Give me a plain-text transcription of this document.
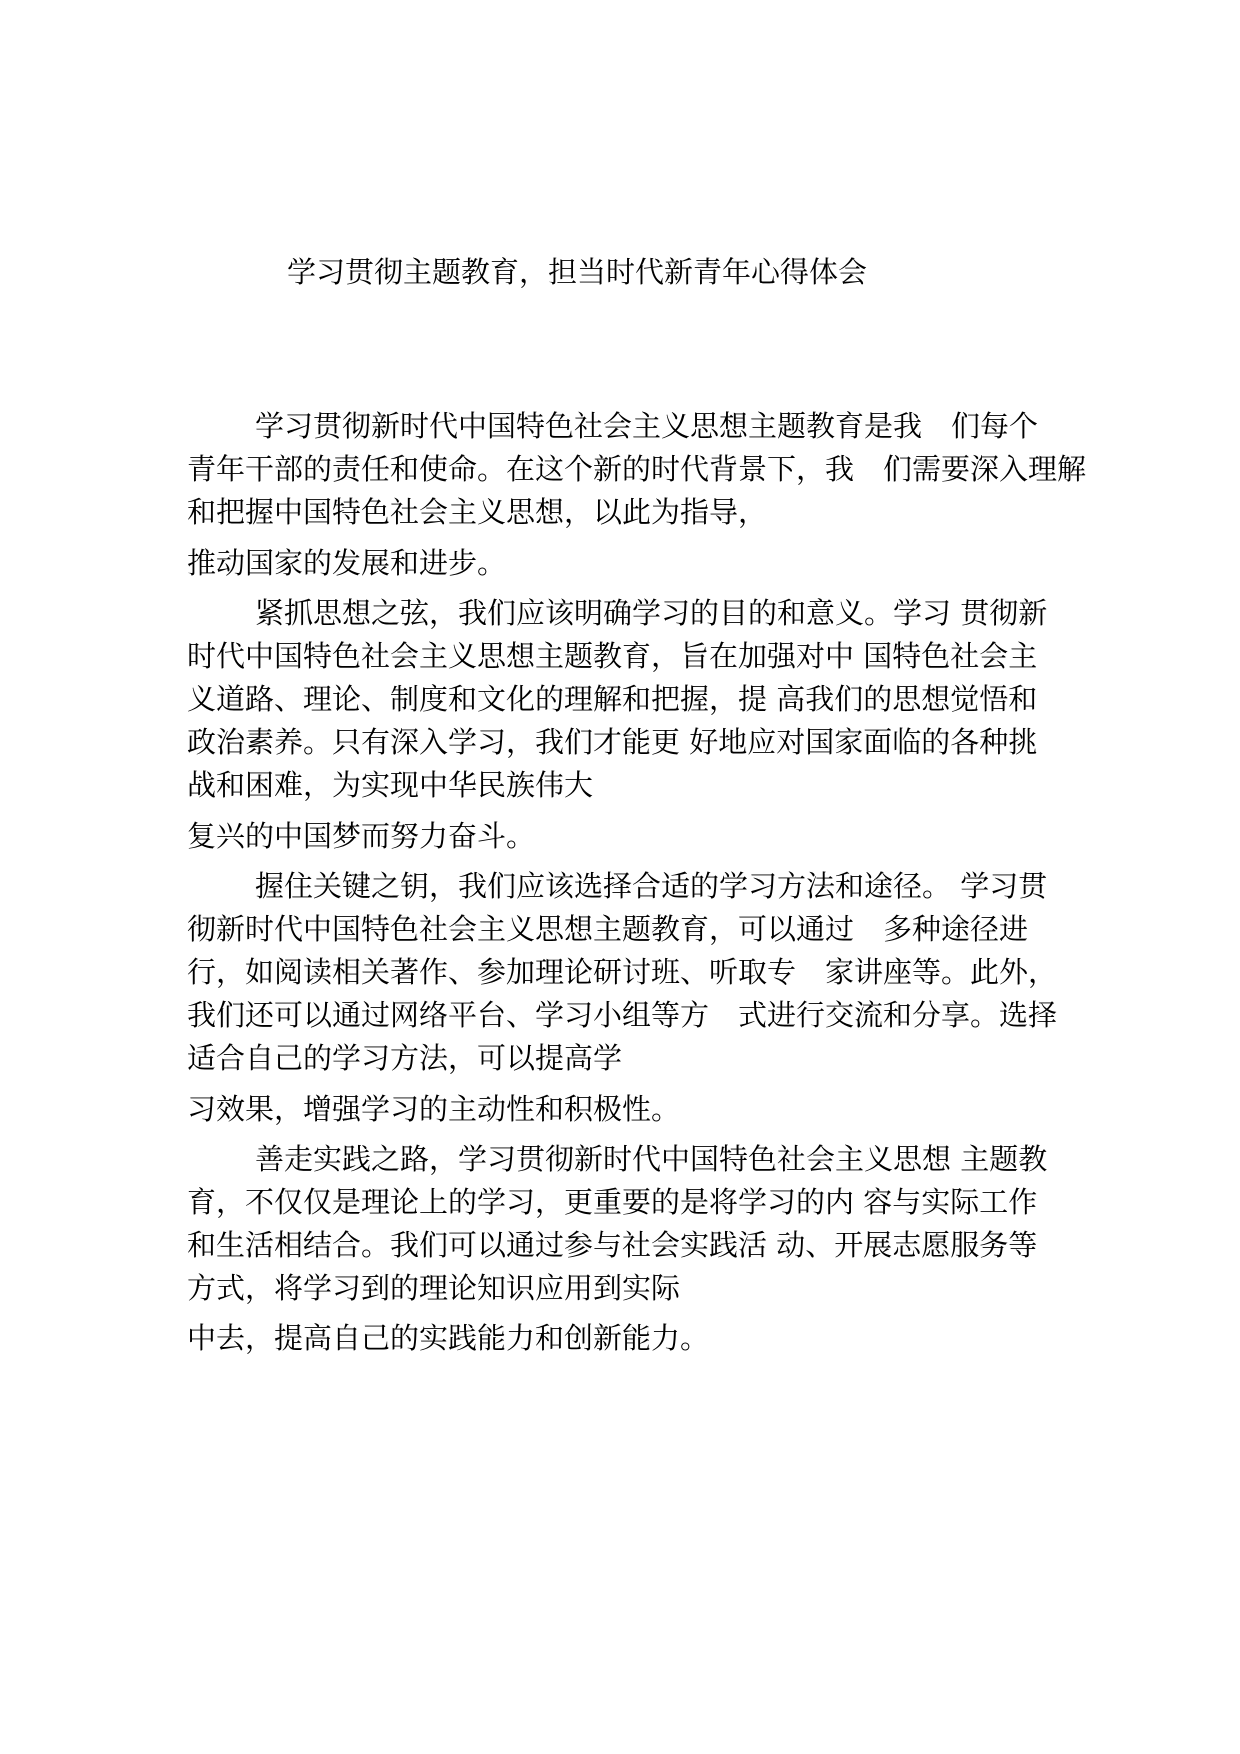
学习贯彻主题教育，担当时代新青年心得体会

学习贯彻新时代中国特色社会主义思想主题教育是我　们每个

青年干部的责任和使命。在这个新的时代背景下，我　们需要深入理解

和把握中国特色社会主义思想，以此为指导，

推动国家的发展和进步。

紧抓思想之弦，我们应该明确学习的目的和意义。学习 贯彻新

时代中国特色社会主义思想主题教育，旨在加强对中 国特色社会主

义道路、理论、制度和文化的理解和把握，提 高我们的思想觉悟和

政治素养。只有深入学习，我们才能更 好地应对国家面临的各种挑

战和困难，为实现中华民族伟大

复兴的中国梦而努力奋斗。

握住关键之钥，我们应该选择合适的学习方法和途径。 学习贯

彻新时代中国特色社会主义思想主题教育，可以通过　多种途径进

行，如阅读相关著作、参加理论研讨班、听取专　家讲座等。此外，

我们还可以通过网络平台、学习小组等方　式进行交流和分享。选择

适合自己的学习方法，可以提高学

习效果，增强学习的主动性和积极性。

善走实践之路，学习贯彻新时代中国特色社会主义思想 主题教

育，不仅仅是理论上的学习，更重要的是将学习的内 容与实际工作

和生活相结合。我们可以通过参与社会实践活 动、开展志愿服务等

方式，将学习到的理论知识应用到实际

中去，提高自己的实践能力和创新能力。
